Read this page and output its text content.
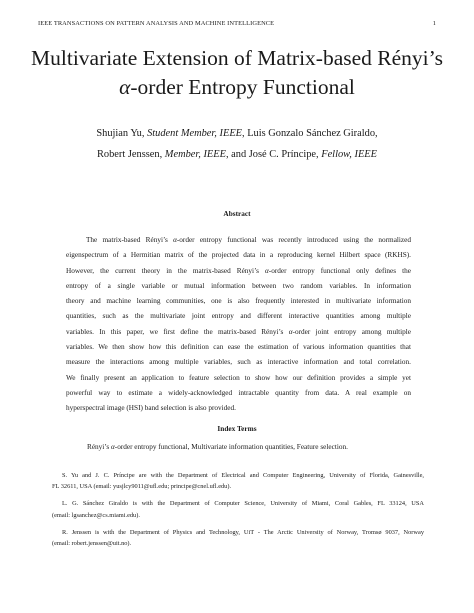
IEEE TRANSACTIONS ON PATTERN ANALYSIS AND MACHINE INTELLIGENCE	1
Multivariate Extension of Matrix-based Rényi’s
α-order Entropy Functional
Shujian Yu, Student Member, IEEE, Luis Gonzalo Sánchez Giraldo,
Robert Jenssen, Member, IEEE, and José C. Príncipe, Fellow, IEEE
Abstract
The matrix-based Rényi’s α-order entropy functional was recently introduced using the normalized
eigenspectrum of a Hermitian matrix of the projected data in a reproducing kernel Hilbert space (RKHS).
However, the current theory in the matrix-based Rényi’s α-order entropy functional only defines the
entropy of a single variable or mutual information between two random variables. In information
theory and machine learning communities, one is also frequently interested in multivariate information
quantities, such as the multivariate joint entropy and different interactive quantities among multiple
variables. In this paper, we first define the matrix-based Rényi’s α-order joint entropy among multiple
variables. We then show how this definition can ease the estimation of various information quantities that
measure the interactions among multiple variables, such as interactive information and total correlation.
We finally present an application to feature selection to show how our definition provides a simple yet
powerful way to estimate a widely-acknowledged intractable quantity from data. A real example on
hyperspectral image (HSI) band selection is also provided.
Index Terms
Rényi’s α-order entropy functional, Multivariate information quantities, Feature selection.
S. Yu and J. C. Príncipe are with the Department of Electrical and Computer Engineering, University of Florida, Gainesville,
FL 32611, USA (email: yusjlcy9011@ufl.edu; principe@cnel.ufl.edu).
L. G. Sánchez Giraldo is with the Department of Computer Science, University of Miami, Coral Gables, FL 33124, USA
(email: lgsanchez@cs.miami.edu).
R. Jenssen is with the Department of Physics and Technology, UiT - The Arctic University of Norway, Tromsø 9037, Norway
(email: robert.jenssen@uit.no).
